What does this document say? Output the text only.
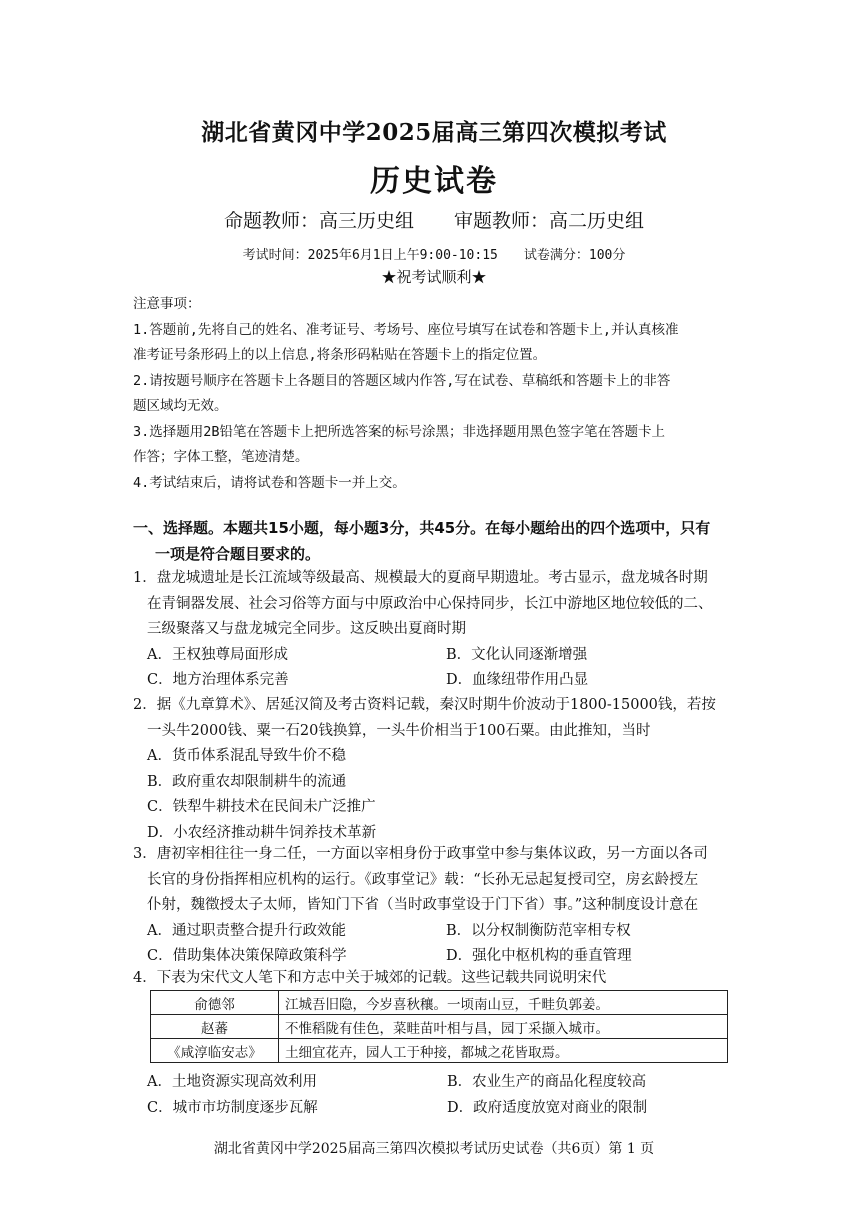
湖北省黄冈中学2025届高三第四次模拟考试
历史试卷
命题教师：高三历史组 审题教师：高二历史组
考试时间：2025年6月1日上午9:00-10:15 试卷满分：100分
★祝考试顺利★

注意事项：

1.答题前,先将自己的姓名、准考证号、考场号、座位号填写在试卷和答题卡上,并认真核准

准考证号条形码上的以上信息,将条形码粘贴在答题卡上的指定位置。

2.请按题号顺序在答题卡上各题目的答题区域内作答,写在试卷、草稿纸和答题卡上的非答

题区域均无效。

3.选择题用2B铅笔在答题卡上把所选答案的标号涂黑；非选择题用黑色签字笔在答题卡上

作答；字体工整，笔迹清楚。

4.考试结束后，请将试卷和答题卡一并上交。

一、选择题。本题共15小题，每小题3分，共45分。在每小题给出的四个选项中，只有
一项是符合题目要求的。

1．盘龙城遗址是长江流域等级最高、规模最大的夏商早期遗址。考古显示，盘龙城各时期

在青铜器发展、社会习俗等方面与中原政治中心保持同步，长江中游地区地位较低的二、

三级聚落又与盘龙城完全同步。这反映出夏商时期

A．王权独尊局面形成	B．文化认同逐渐增强
C．地方治理体系完善	D．血缘纽带作用凸显

2．据《九章算术》、居延汉简及考古资料记载，秦汉时期牛价波动于1800-15000钱，若按

一头牛2000钱、粟一石20钱换算，一头牛价相当于100石粟。由此推知，当时

A．货币体系混乱导致牛价不稳
B．政府重农却限制耕牛的流通
C．铁犁牛耕技术在民间未广泛推广
D．小农经济推动耕牛饲养技术革新

3．唐初宰相往往一身二任，一方面以宰相身份于政事堂中参与集体议政，另一方面以各司

长官的身份指挥相应机构的运行。《政事堂记》载：“长孙无忌起复授司空，房玄龄授左

仆射，魏徵授太子太师，皆知门下省（当时政事堂设于门下省）事。”这种制度设计意在

A．通过职责整合提升行政效能	B．以分权制衡防范宰相专权
C．借助集体决策保障政策科学	D．强化中枢机构的垂直管理

4．下表为宋代文人笔下和方志中关于城郊的记载。这些记载共同说明宋代

俞德邻	江城吾旧隐，今岁喜秋穰。一顷南山豆，千畦负郭姜。
赵蕃	不惟稻陇有佳色，菜畦苗叶相与昌，园丁采撷入城市。
《咸淳临安志》	土细宜花卉，园人工于种接，都城之花皆取焉。
A．土地资源实现高效利用	B．农业生产的商品化程度较高
C．城市市坊制度逐步瓦解	D．政府适度放宽对商业的限制
湖北省黄冈中学2025届高三第四次模拟考试历史试卷（共6页）第 1 页
